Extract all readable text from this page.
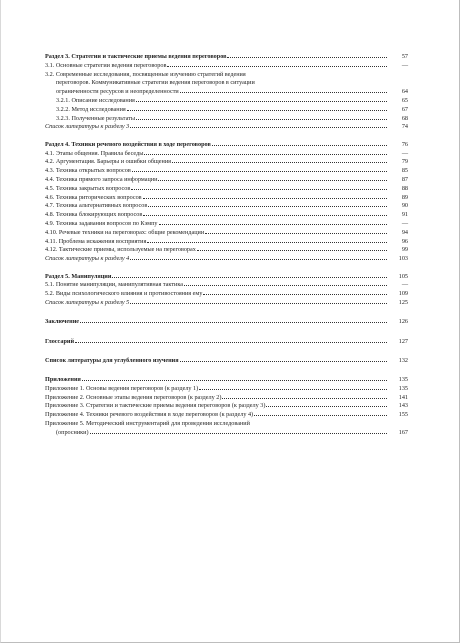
Раздел 3. Стратегии и тактические приемы ведения переговоров	57
3.1. Основные стратегии ведения переговоров	—
3.2. Современные исследования, посвященные изучению стратегий ведения
переговоров. Коммуникативные стратегии ведения переговоров в ситуации
ограниченности ресурсов и неопределенности	64
3.2.1. Описание исследования	65
3.2.2. Метод исследования	67
3.2.3. Полученные результаты	68
Список литературы к разделу 3	74
Раздел 4. Техники речевого воздействия в ходе переговоров	76
4.1. Этапы общения. Правила беседы	—
4.2. Аргументация. Барьеры и ошибки общения	79
4.3. Техника открытых вопросов	85
4.4. Техника прямого запроса информации	87
4.5. Техника закрытых вопросов	88
4.6. Техника риторических вопросов	89
4.7. Техника альтернативных вопросов	90
4.8. Техника блокирующих вопросов	91
4.9. Техника задавания вопросов по Кэмпу	—
4.10. Речевые техники на переговорах: общие рекомендации	94
4.11. Проблема искажения восприятия	96
4.12. Тактические приемы, используемые на переговорах	99
Список литературы к разделу 4	103
Раздел 5. Манипуляции	105
5.1. Понятие манипуляции, манипулятивная тактика	—
5.2. Виды психологического влияния и противостояния ему	109
Список литературы к разделу 5	125
Заключение	126
Глоссарий	127
Список литературы для углубленного изучения	132
Приложения	135
Приложение 1. Основы ведения переговоров (к разделу 1)	135
Приложение 2. Основные этапы ведения переговоров (к разделу 2)	141
Приложение 3. Стратегии и тактические приемы ведения переговоров (к разделу 3)	143
Приложение 4. Техники речевого воздействия в ходе переговоров (к разделу 4)	155
Приложение 5. Методический инструментарий для проведения исследований
(опросники)	167
